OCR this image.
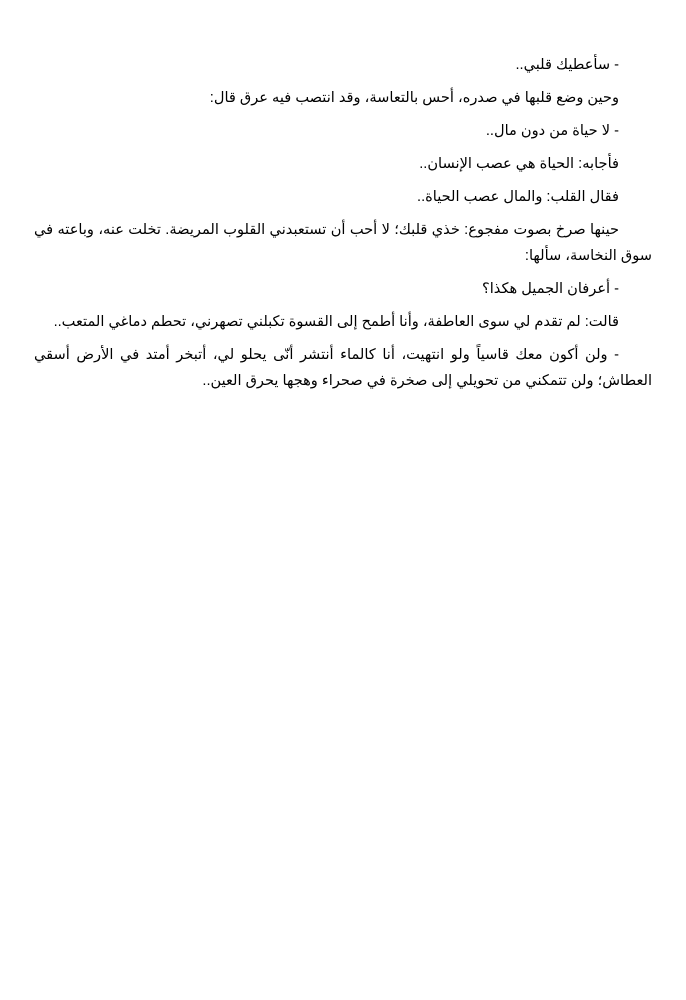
- سأعطيك قلبي..

وحين وضع قلبها في صدره، أحس بالتعاسة، وقد انتصب فيه عرق قال:

- لا حياة من دون مال..

فأجابه: الحياة هي عصب الإنسان..

فقال القلب: والمال عصب الحياة..

حينها صرخ بصوت مفجوع: خذي قلبك؛ لا أحب أن تستعبدني القلوب المريضة. تخلت عنه، وباعته في سوق النخاسة، سألها:

- أعرفان الجميل هكذا؟

قالت: لم تقدم لي سوى العاطفة، وأنا أطمح إلى القسوة تكبلني تصهرني، تحطم دماغي المتعب..

- ولن أكون معك قاسياً ولو انتهيت، أنا كالماء أنتشر أنّى يحلو لي، أتبخر أمتد في الأرض أسقي العطاش؛ ولن تتمكني من تحويلي إلى صخرة في صحراء وهجها يحرق العين..
